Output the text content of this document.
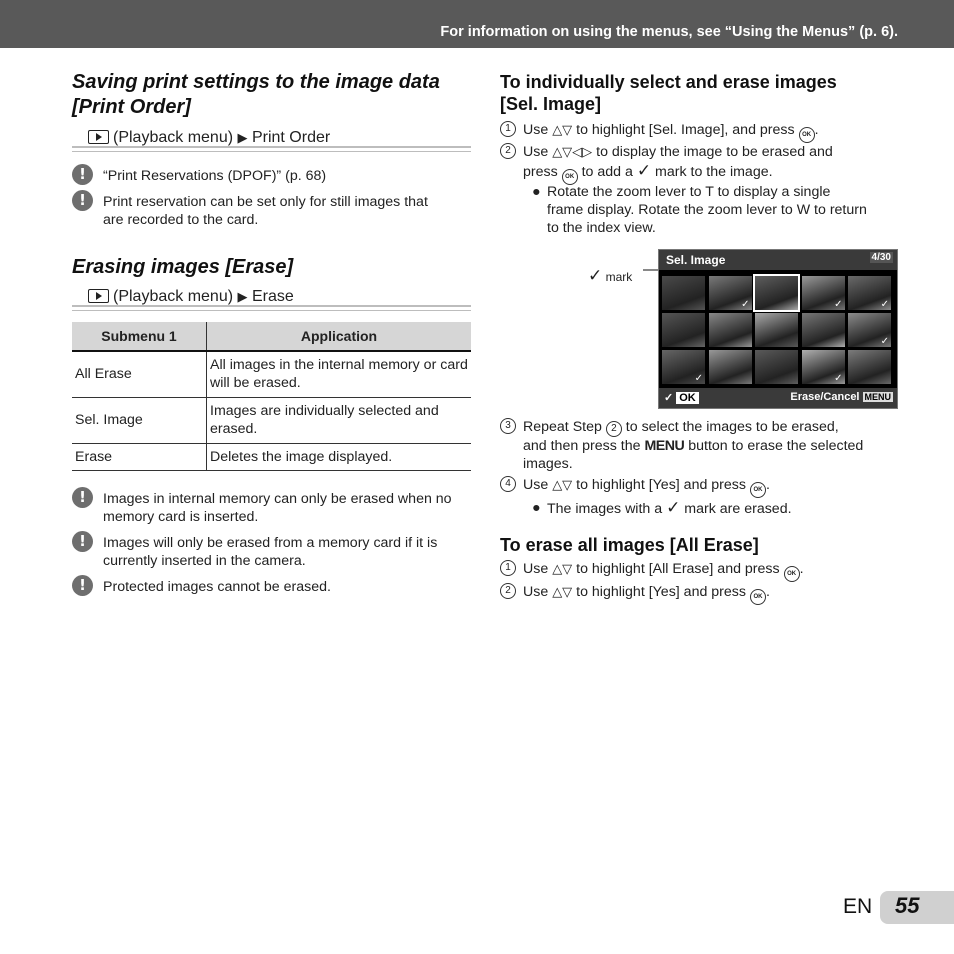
For information on using the menus, see “Using the Menus” (p. 6).
Saving print settings to the image data
[Print Order]
(Playback menu) ▶ Print Order
!
“Print Reservations (DPOF)” (p. 68)
!
Print reservation can be set only for still images that
are recorded to the card.
Erasing images [Erase]
(Playback menu) ▶ Erase
Submenu 1	Application
All Erase	All images in the internal memory or card will be erased.
Sel. Image	Images are individually selected and erased.
Erase	Deletes the image displayed.
!
Images in internal memory can only be erased when no memory card is inserted.
!
Images will only be erased from a memory card if it is currently inserted in the camera.
!
Protected images cannot be erased.
To individually select and erase images
[Sel. Image]
1 Use △▽ to highlight [Sel. Image], and press OK .
2 Use △▽◁▷ to display the image to be erased and
press OK to add a ✓ mark to the image.
● Rotate the zoom lever to T to display a single
frame display. Rotate the zoom lever to W to return
to the index view.
✓ mark
Sel. Image	4/30
✓	✓	✓
✓
✓	✓
✓ OK	Erase/Cancel MENU
3 Repeat Step 2 to select the images to be erased,
and then press the MENU button to erase the selected
images.
4 Use △▽ to highlight [Yes] and press OK .
● The images with a ✓ mark are erased.
To erase all images [All Erase]
1 Use △▽ to highlight [All Erase] and press OK .
2 Use △▽ to highlight [Yes] and press OK .
EN 55
